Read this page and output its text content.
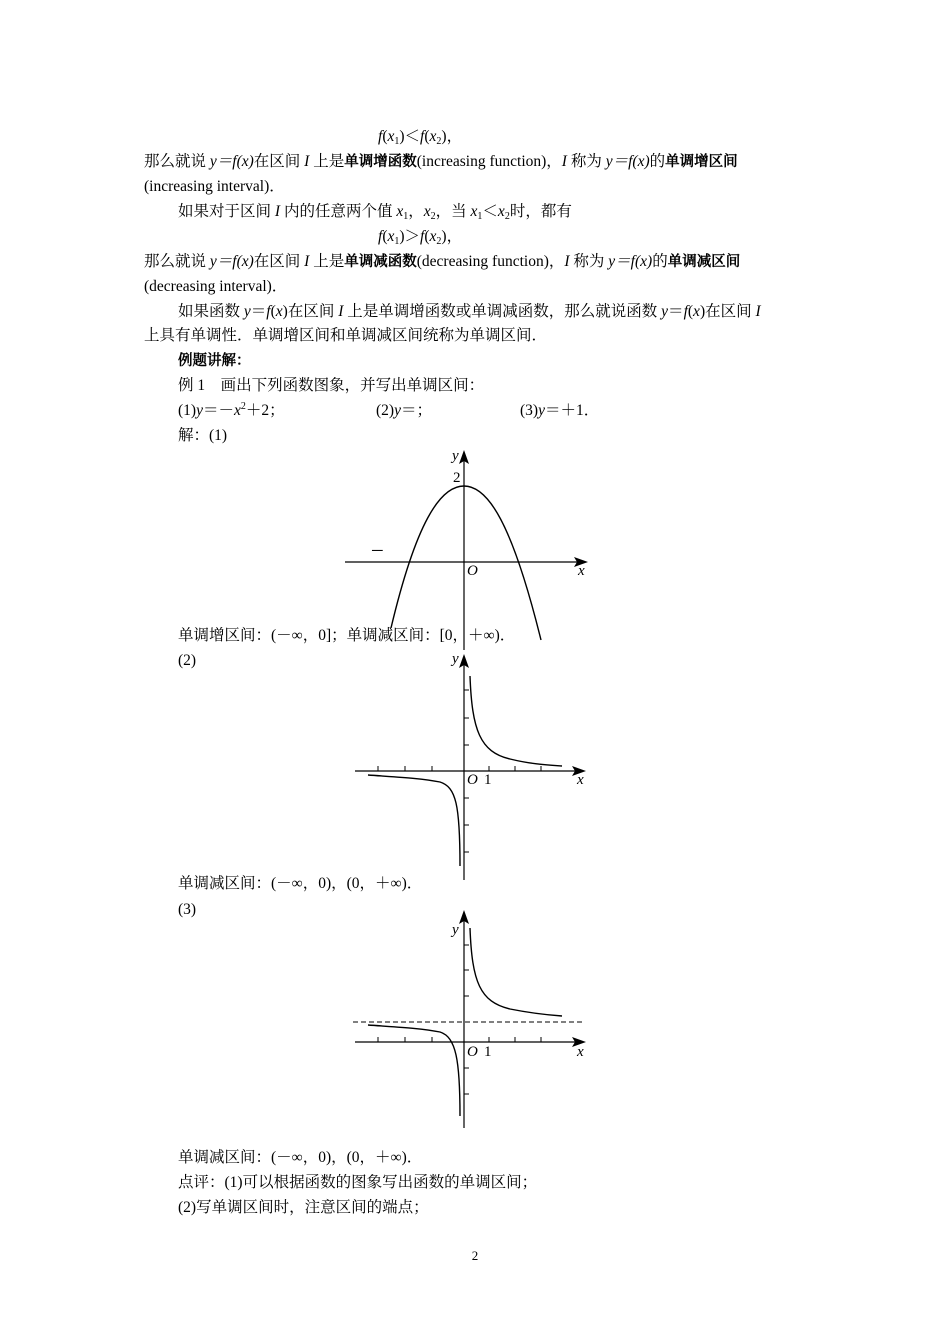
$f(x_1)<f(x_2)$，
那么就说 y＝f(x)在区间 I 上是单调增函数(increasing function)，I 称为 y＝f(x)的单调增区间
(increasing interval)．
如果对于区间 I 内的任意两个值 $x_1$，$x_2$，当 $x_1<x_2$时，都有
$f(x_1)>f(x_2)$，
那么就说 y＝f(x)在区间 I 上是单调减函数(decreasing function)，I 称为 y＝f(x)的单调减区间
(decreasing interval)．
如果函数 y＝f(x)在区间 I 上是单调增函数或单调减函数，那么就说函数 y＝f(x)在区间 I
上具有单调性．单调增区间和单调减区间统称为单调区间．
例题讲解：
例 1　画出下列函数图象，并写出单调区间：
$(1)y=-x^2+2$；	(2)y＝；	(3)y＝＋1．
解：(1)
y
2
─
O	x
单调增区间：(－∞，0]；单调减区间：[0，＋∞)．
(2)	y
O 1	x
单调减区间：(－∞，0)，(0，＋∞)．
(3)
y
O 1	x
单调减区间：(－∞，0)，(0，＋∞)．
点评：(1)可以根据函数的图象写出函数的单调区间；
(2)写单调区间时，注意区间的端点；
2
